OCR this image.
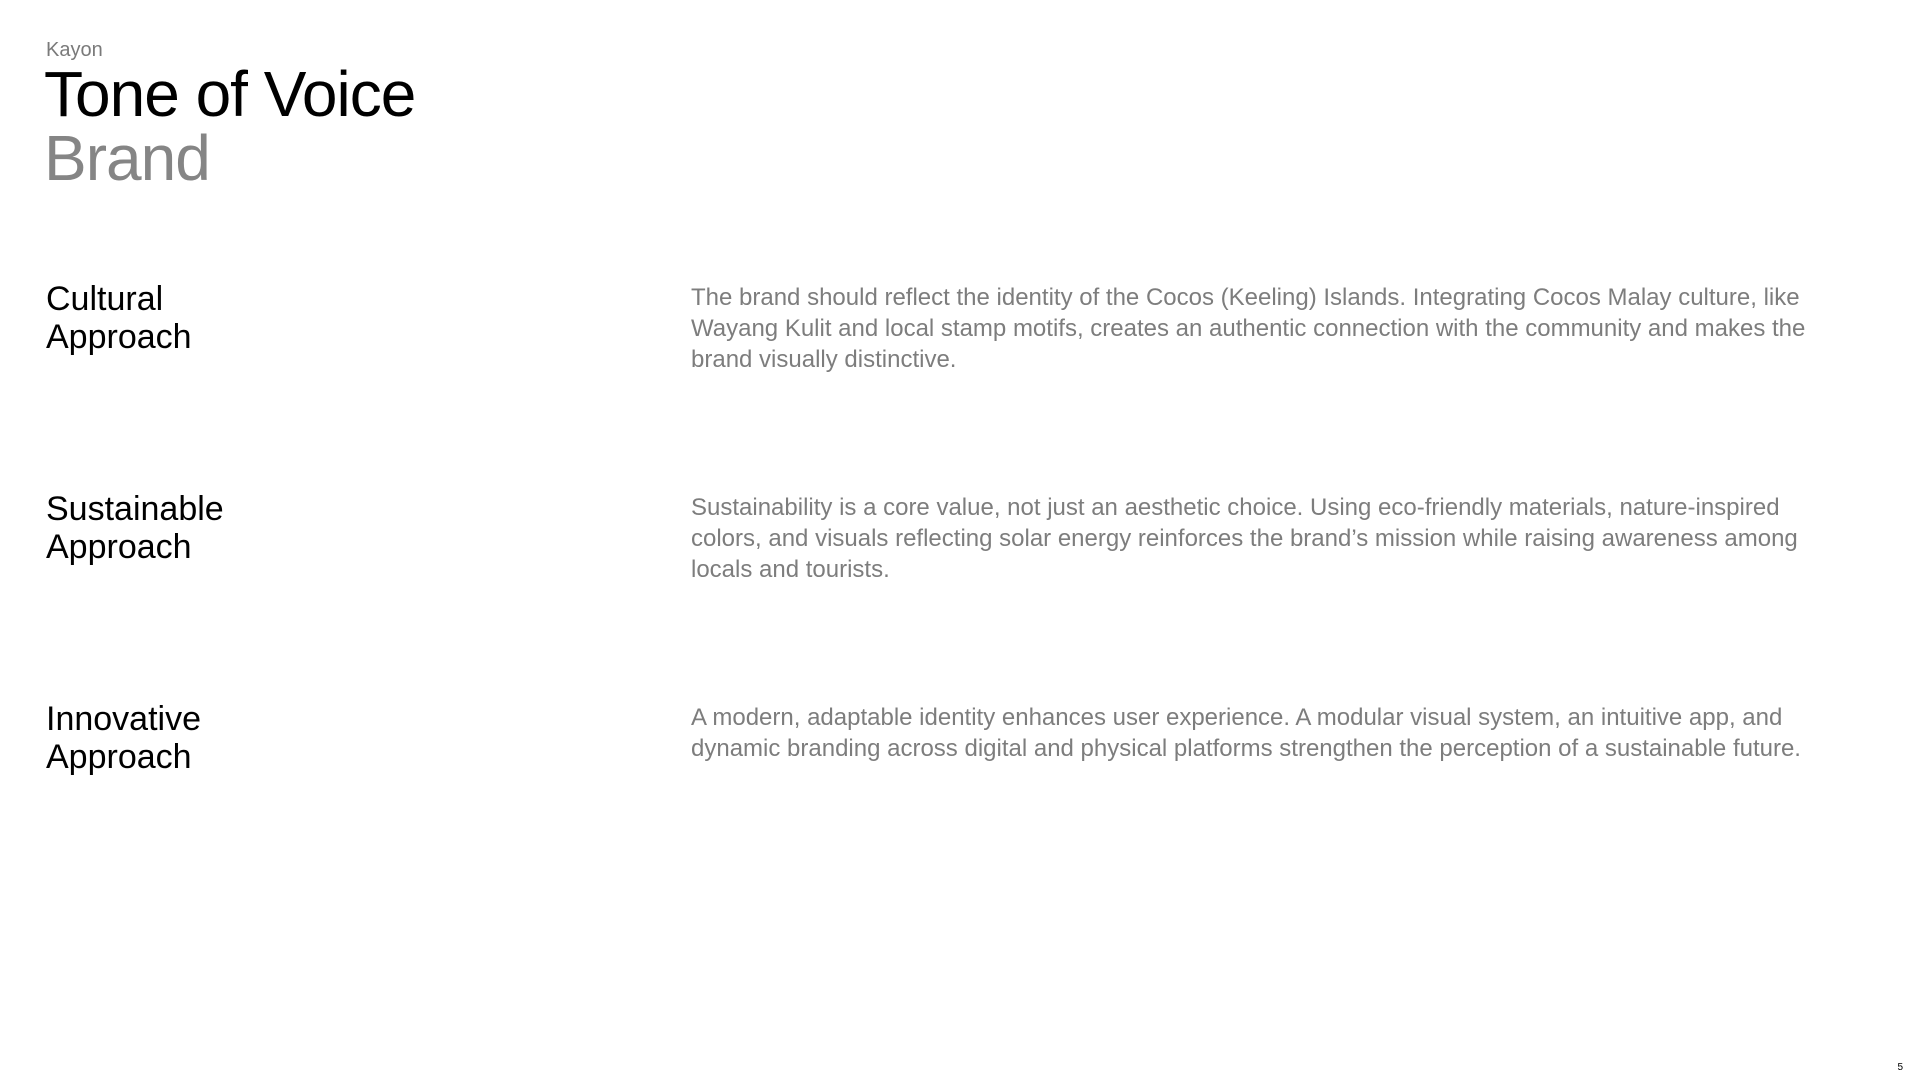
Kayon
Tone of Voice
Brand
Cultural
Approach

The brand should reflect the identity of the Cocos (Keeling) Islands. Integrating Cocos Malay culture, like Wayang Kulit and local stamp motifs, creates an authentic connection with the community and makes the brand visually distinctive.

Sustainable
Approach

Sustainability is a core value, not just an aesthetic choice. Using eco-friendly materials, nature-inspired colors, and visuals reflecting solar energy reinforces the brand’s mission while raising awareness among locals and tourists.

Innovative
Approach

A modern, adaptable identity enhances user experience. A modular visual system, an intuitive app, and dynamic branding across digital and physical platforms strengthen the perception of a sustainable future.

5
